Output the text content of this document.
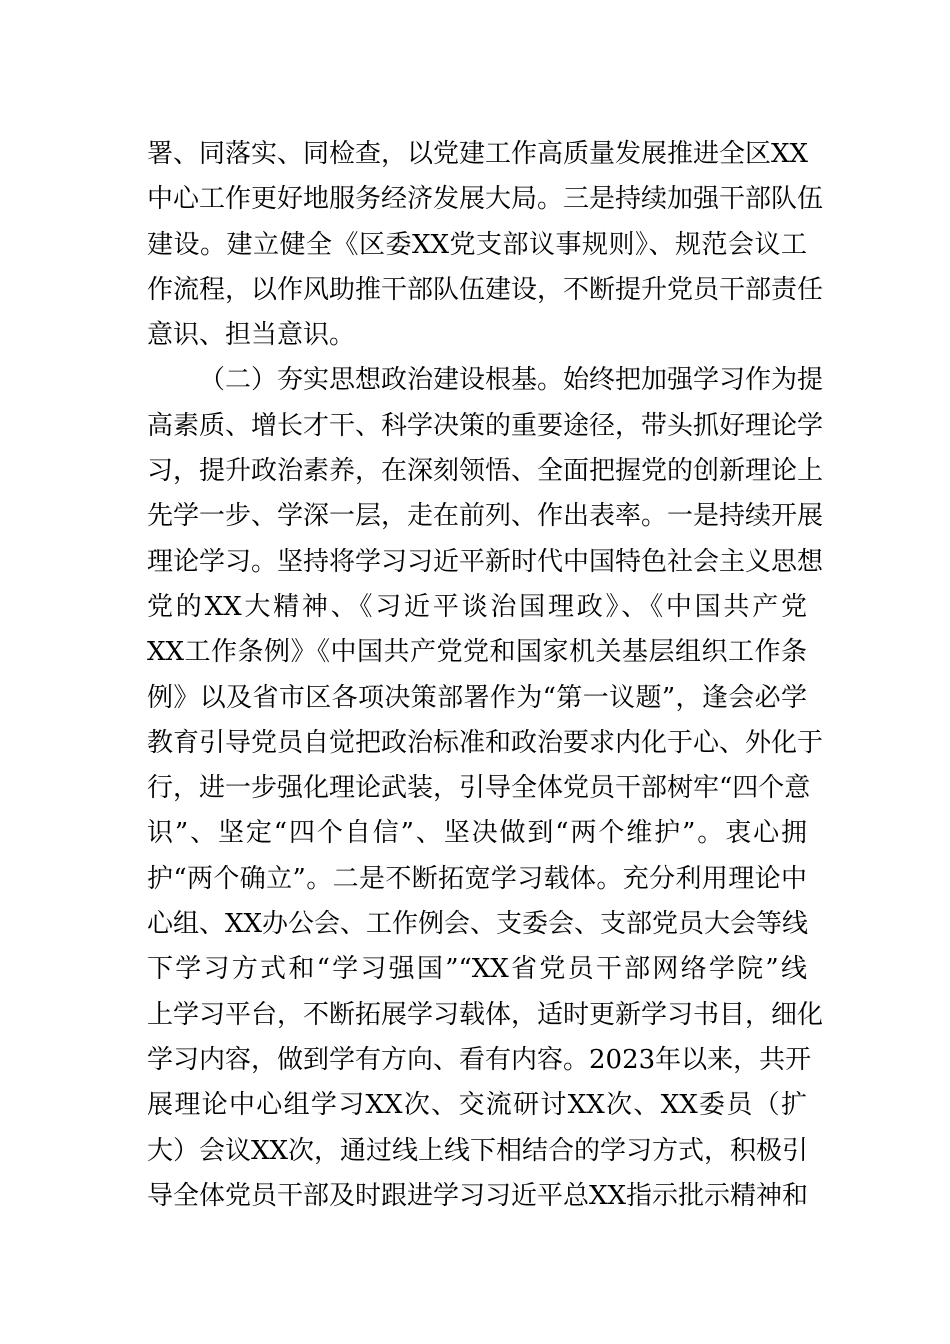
署、同落实、同检查，以党建工作高质量发展推进全区XX
中心工作更好地服务经济发展大局。三是持续加强干部队伍
建设。建立健全《区委XX党支部议事规则》、规范会议工
作流程，以作风助推干部队伍建设，不断提升党员干部责任
意识、担当意识。
（二）夯实思想政治建设根基。始终把加强学习作为提
高素质、增长才干、科学决策的重要途径，带头抓好理论学
习，提升政治素养，在深刻领悟、全面把握党的创新理论上
先学一步、学深一层，走在前列、作出表率。一是持续开展
理论学习。坚持将学习习近平新时代中国特色社会主义思想
党的XX大精神、《习近平谈治国理政》、《中国共产党
XX工作条例》《中国共产党党和国家机关基层组织工作条
例》以及省市区各项决策部署作为“第一议题”，逢会必学
教育引导党员自觉把政治标准和政治要求内化于心、外化于
行，进一步强化理论武装，引导全体党员干部树牢“四个意
识”、坚定“四个自信”、坚决做到“两个维护”。衷心拥
护“两个确立”。二是不断拓宽学习载体。充分利用理论中
心组、XX办公会、工作例会、支委会、支部党员大会等线
下学习方式和“学习强国”“XX省党员干部网络学院”线
上学习平台，不断拓展学习载体，适时更新学习书目，细化
学习内容，做到学有方向、看有内容。2023年以来，共开
展理论中心组学习XX次、交流研讨XX次、XX委员（扩
大）会议XX次，通过线上线下相结合的学习方式，积极引
导全体党员干部及时跟进学习习近平总XX指示批示精神和
